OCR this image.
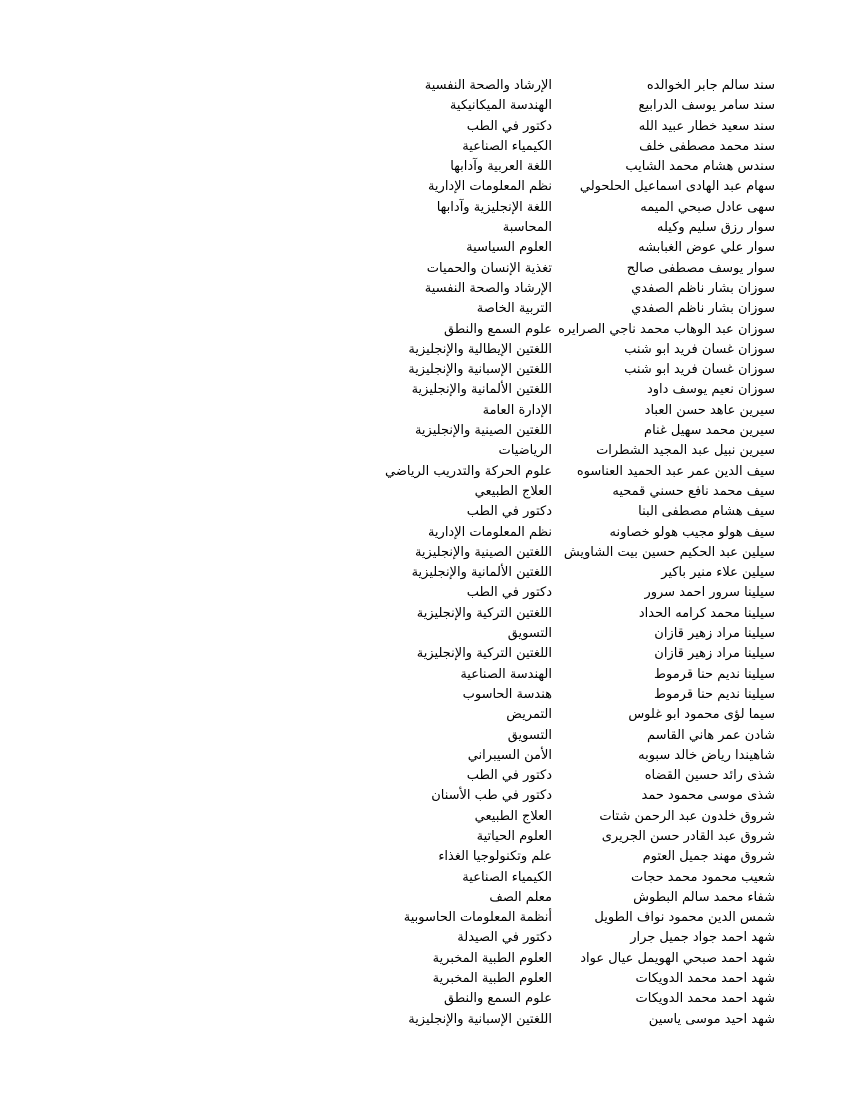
سند سالم جابر الخوالده
الإرشاد والصحة النفسية
سند سامر يوسف الدرابيع
الهندسة الميكانيكية
سند سعيد خطار عبيد الله
دكتور في الطب
سند محمد مصطفى خلف
الكيمياء الصناعية
سندس هشام محمد الشايب
اللغة العربية وآدابها
سهام عبد الهادى اسماعيل الحلحولي
نظم المعلومات الإدارية
سهى عادل صبحي الميمه
اللغة الإنجليزية وآدابها
سوار رزق سليم وكيله
المحاسبة
سوار علي عوض الغبابشه
العلوم السياسية
سوار يوسف مصطفى صالح
تغذية الإنسان والحميات
سوزان بشار ناظم الصفدي
الإرشاد والصحة النفسية
سوزان بشار ناظم الصفدي
التربية الخاصة
سوزان عبد الوهاب محمد ناجي الصرايره
علوم السمع والنطق
سوزان غسان فريد ابو شنب
اللغتين الإيطالية والإنجليزية
سوزان غسان فريد ابو شنب
اللغتين الإسبانية والإنجليزية
سوزان نعيم يوسف داود
اللغتين الألمانية والإنجليزية
سيرين عاهد حسن العباد
الإدارة العامة
سيرين محمد سهيل غنام
اللغتين الصينية والإنجليزية
سيرين نبيل عبد المجيد الشطرات
الرياضيات
سيف الدين عمر عبد الحميد العناسوه
علوم الحركة والتدريب الرياضي
سيف محمد نافع حسني قمحيه
العلاج الطبيعي
سيف هشام مصطفى البنا
دكتور في الطب
سيف هولو مجيب هولو خصاونه
نظم المعلومات الإدارية
سيلين عبد الحكيم حسين بيت الشاويش
اللغتين الصينية والإنجليزية
سيلين علاء منير باكير
اللغتين الألمانية والإنجليزية
سيلينا سرور احمد سرور
دكتور في الطب
سيلينا محمد كرامه الحداد
اللغتين التركية والإنجليزية
سيلينا مراد زهير قازان
التسويق
سيلينا مراد زهير قازان
اللغتين التركية والإنجليزية
سيلينا نديم حنا قرموط
الهندسة الصناعية
سيلينا نديم حنا قرموط
هندسة الحاسوب
سيما لؤى محمود ابو غلوس
التمريض
شادن عمر هاني القاسم
التسويق
شاهيندا رياض خالد سبوبه
الأمن السيبراني
شذى رائد حسين القضاه
دكتور في الطب
شذى موسى محمود حمد
دكتور في طب الأسنان
شروق خلدون عبد الرحمن شتات
العلاج الطبيعي
شروق عبد القادر حسن الجريرى
العلوم الحياتية
شروق مهند جميل العتوم
علم وتكنولوجيا الغذاء
شعيب محمود محمد حجات
الكيمياء الصناعية
شفاء محمد سالم البطوش
معلم الصف
شمس الدين محمود نواف الطويل
أنظمة المعلومات الحاسوبية
شهد احمد جواد جميل جرار
دكتور في الصيدلة
شهد احمد صبحي الهويمل عيال عواد
العلوم الطبية المخبرية
شهد احمد محمد الدويكات
العلوم الطبية المخبرية
شهد احمد محمد الدويكات
علوم السمع والنطق
شهد احيد موسى ياسين
اللغتين الإسبانية والإنجليزية
